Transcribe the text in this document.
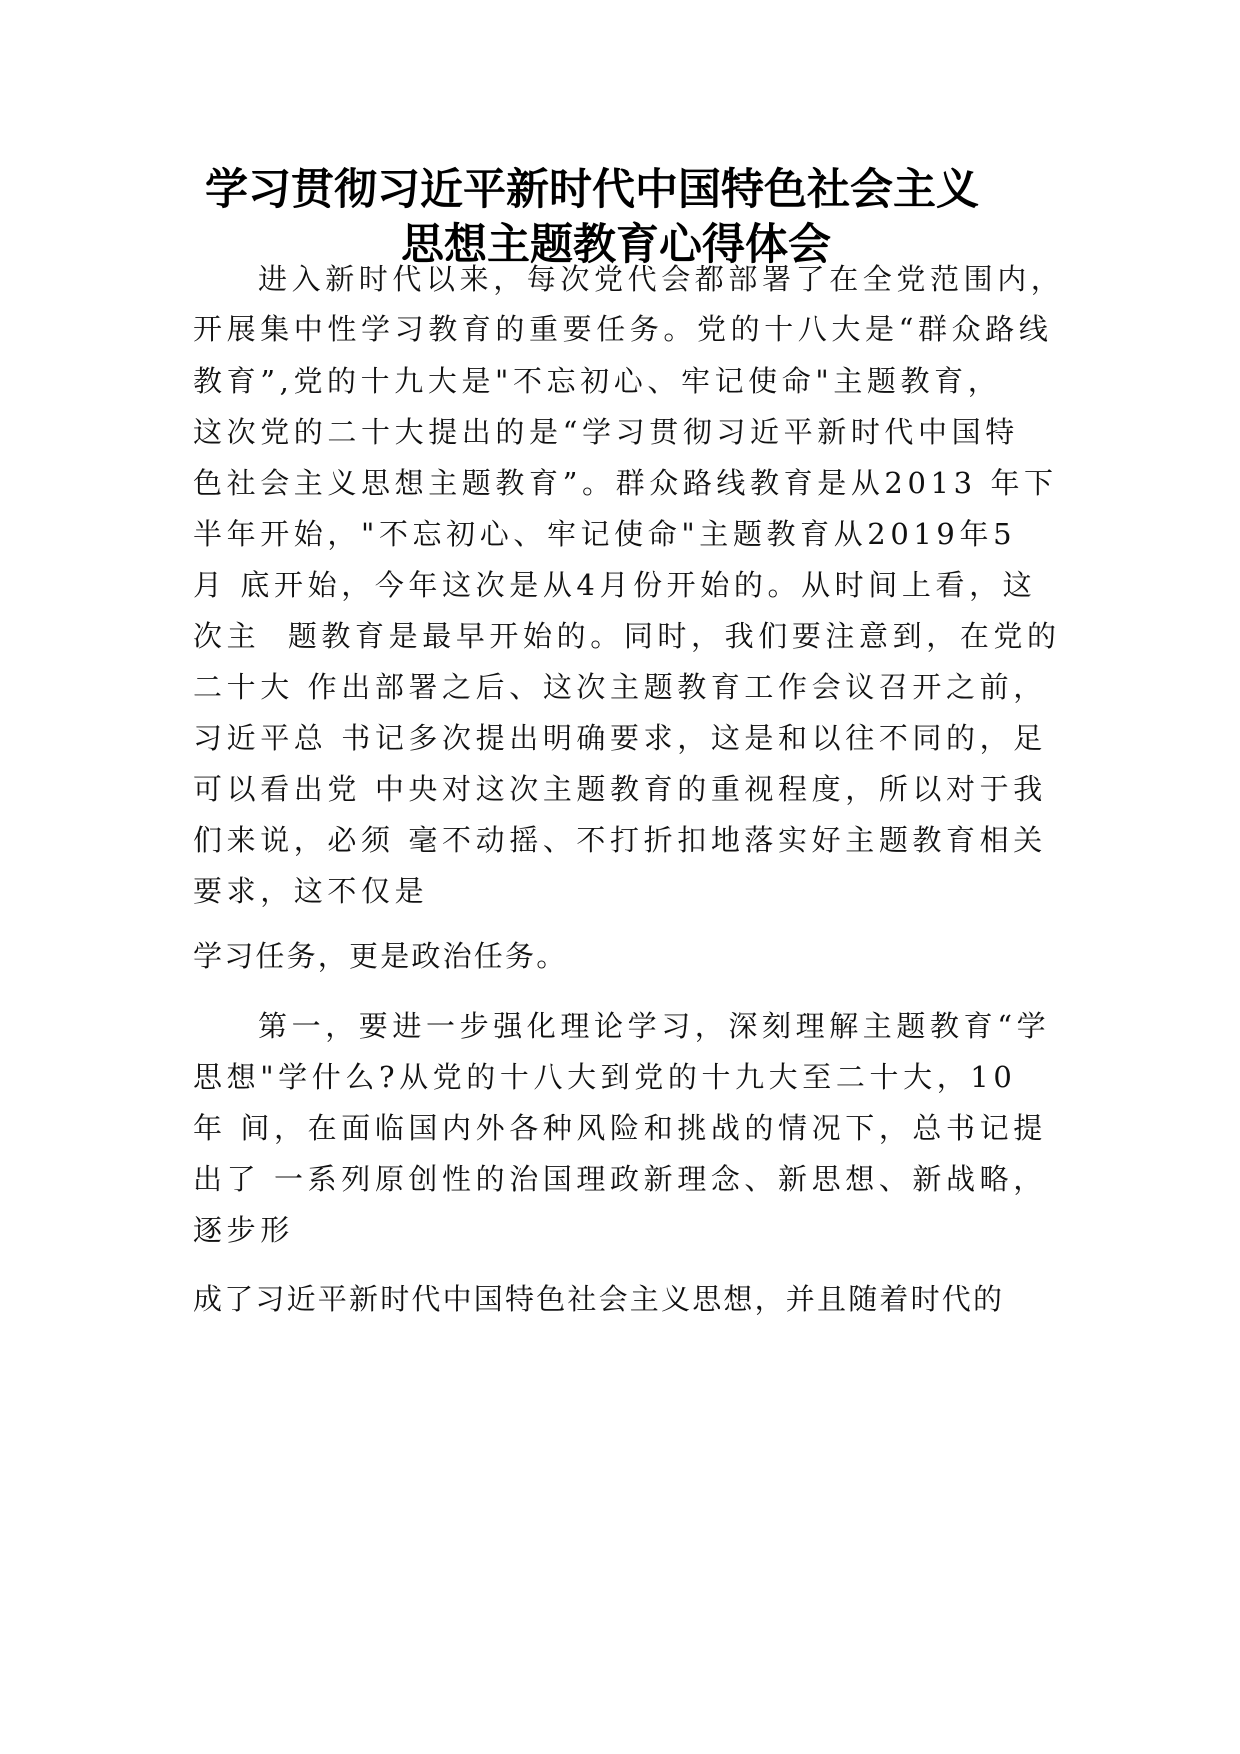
学习贯彻习近平新时代中国特色社会主义
思想主题教育心得体会

进入新时代以来，每次党代会都部署了在全党范围内，

开展集中性学习教育的重要任务。党的十八大是“群众路线

教育”,党的十九大是"不忘初心、牢记使命"主题教育，

这次党的二十大提出的是“学习贯彻习近平新时代中国特

色社会主义思想主题教育”。群众路线教育是从2013 年下

半年开始，"不忘初心、牢记使命"主题教育从2019年5

月 底开始，今年这次是从4月份开始的。从时间上看，这

次主  题教育是最早开始的。同时，我们要注意到，在党的

二十大 作出部署之后、这次主题教育工作会议召开之前，

习近平总 书记多次提出明确要求，这是和以往不同的，足

可以看出党 中央对这次主题教育的重视程度，所以对于我

们来说，必须 毫不动摇、不打折扣地落实好主题教育相关

要求，这不仅是

学习任务，更是政治任务。

第一，要进一步强化理论学习，深刻理解主题教育“学

思想"学什么?从党的十八大到党的十九大至二十大，10

年 间，在面临国内外各种风险和挑战的情况下，总书记提

出了 一系列原创性的治国理政新理念、新思想、新战略，

逐步形

成了习近平新时代中国特色社会主义思想，并且随着时代的
